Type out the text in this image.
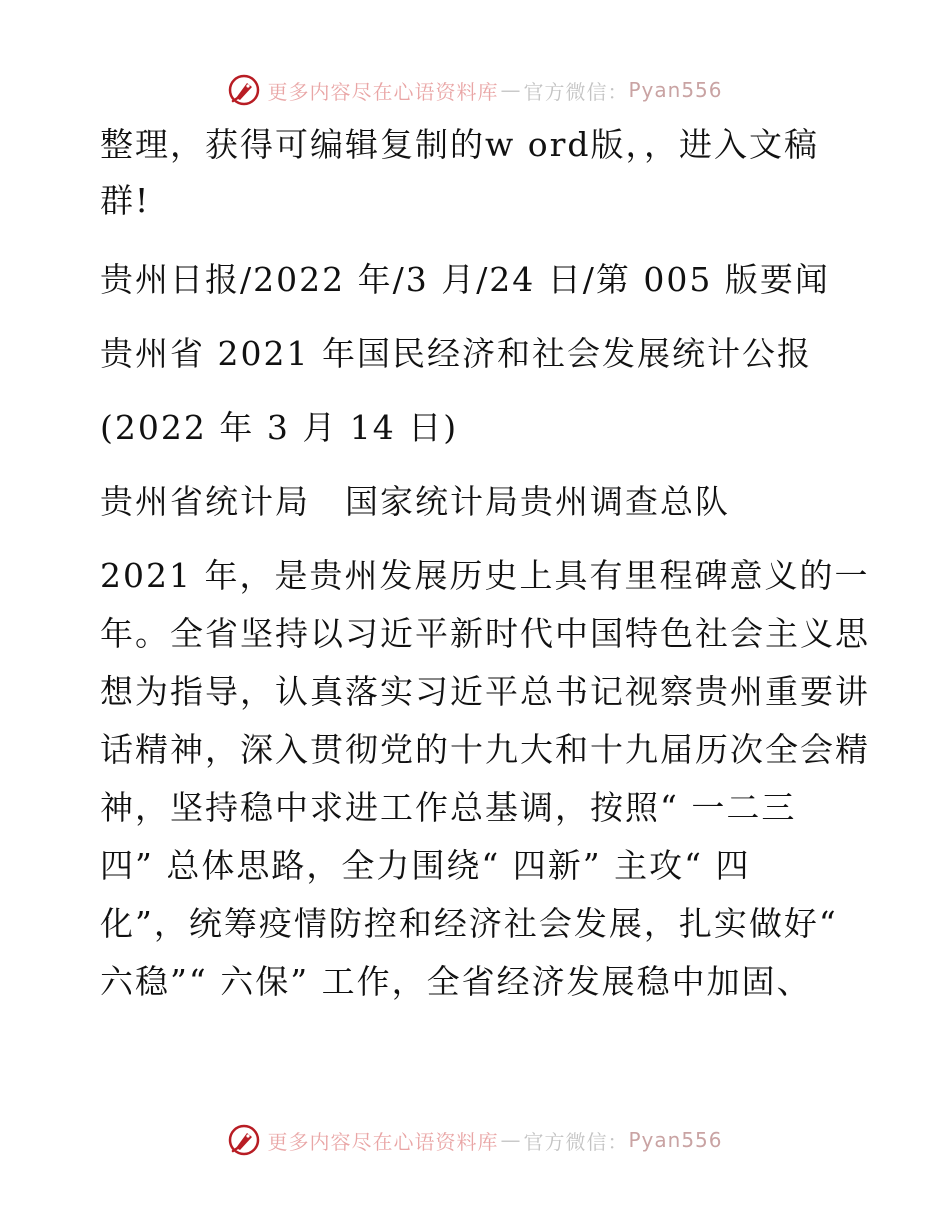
更多内容尽在心语资料库 — 官方微信： Pyan556
整理，获得可编辑复制的w ord版，，进入文稿
群!
贵州日报/2022 年/3 月/24 日/第 005 版要闻
贵州省 2021 年国民经济和社会发展统计公报
(2022 年 3 月 14 日)
贵州省统计局　国家统计局贵州调查总队
2021 年，是贵州发展历史上具有里程碑意义的一
年。全省坚持以习近平新时代中国特色社会主义思
想为指导，认真落实习近平总书记视察贵州重要讲
话精神，深入贯彻党的十九大和十九届历次全会精
神，坚持稳中求进工作总基调，按照“ 一二三
四” 总体思路，全力围绕“ 四新” 主攻“ 四
化”，统筹疫情防控和经济社会发展，扎实做好“
六稳”“ 六保” 工作，全省经济发展稳中加固、
更多内容尽在心语资料库 — 官方微信： Pyan556
